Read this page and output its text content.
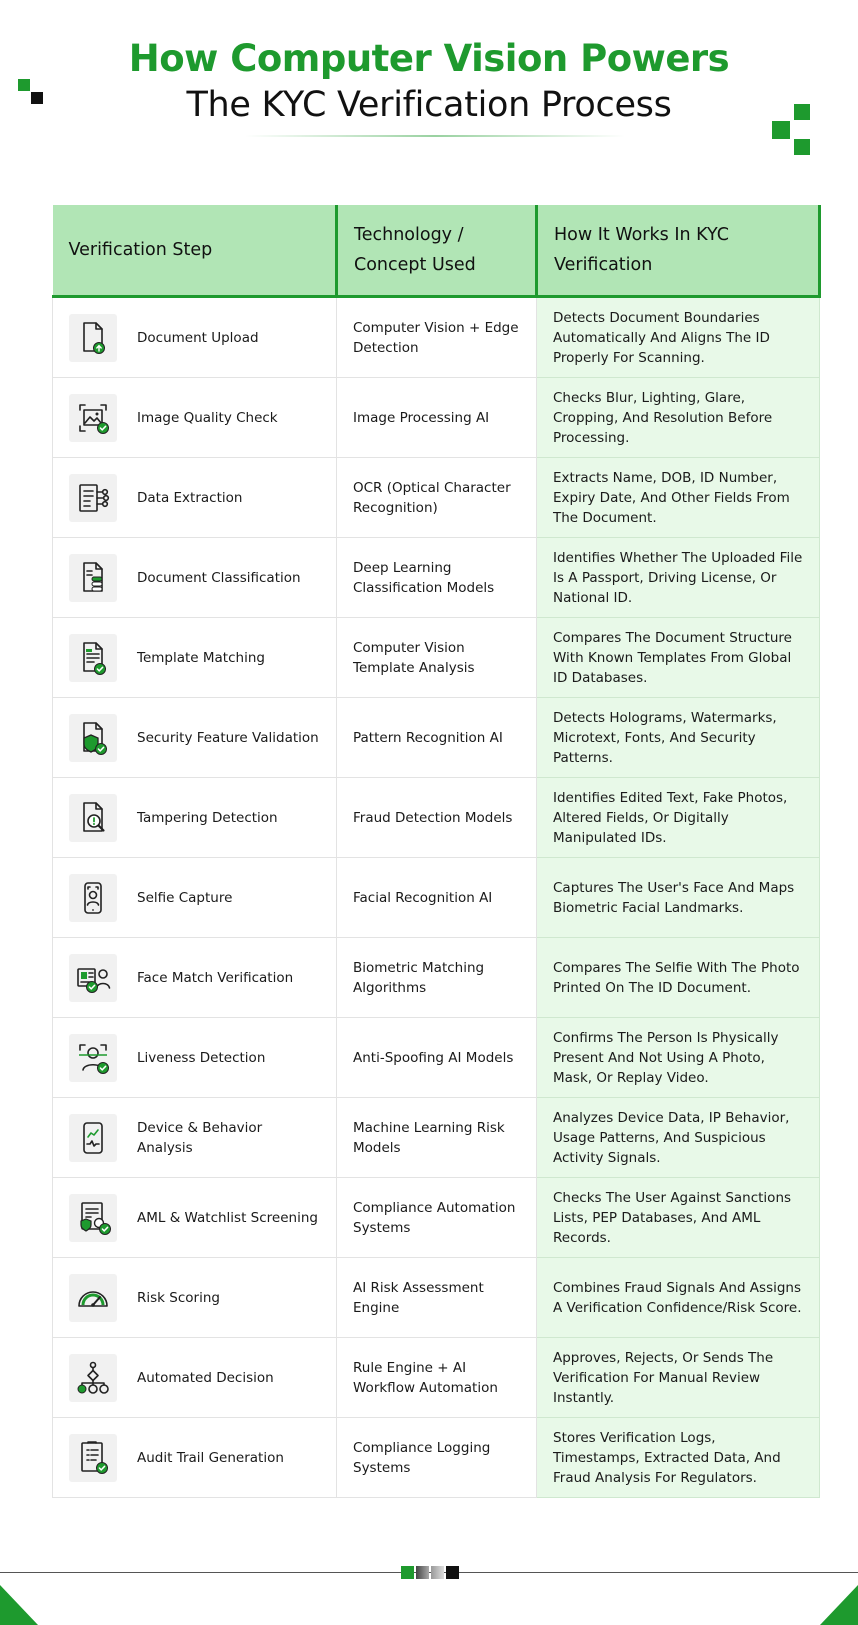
How Computer Vision Powers
The KYC Verification Process
Verification Step	Technology / Concept Used	How It Works In KYC Verification

Document Upload	Computer Vision + Edge Detection	Detects Document Boundaries Automatically And Aligns The ID Properly For Scanning.

Image Quality Check	Image Processing AI	Checks Blur, Lighting, Glare, Cropping, And Resolution Before Processing.

Data Extraction	OCR (Optical Character Recognition)	Extracts Name, DOB, ID Number, Expiry Date, And Other Fields From The Document.

Document Classification	Deep Learning Classification Models	Identifies Whether The Uploaded File Is A Passport, Driving License, Or National ID.

Template Matching	Computer Vision Template Analysis	Compares The Document Structure With Known Templates From Global ID Databases.

Security Feature Validation	Pattern Recognition AI	Detects Holograms, Watermarks, Microtext, Fonts, And Security Patterns.

Tampering Detection	Fraud Detection Models	Identifies Edited Text, Fake Photos, Altered Fields, Or Digitally Manipulated IDs.

Selfie Capture	Facial Recognition AI	Captures The User's Face And Maps Biometric Facial Landmarks.

Face Match Verification	Biometric Matching Algorithms	Compares The Selfie With The Photo Printed On The ID Document.

Liveness Detection	Anti-Spoofing AI Models	Confirms The Person Is Physically Present And Not Using A Photo, Mask, Or Replay Video.

Device & Behavior Analysis	Machine Learning Risk Models	Analyzes Device Data, IP Behavior, Usage Patterns, And Suspicious Activity Signals.

AML & Watchlist Screening	Compliance Automation Systems	Checks The User Against Sanctions Lists, PEP Databases, And AML Records.

Risk Scoring	AI Risk Assessment Engine	Combines Fraud Signals And Assigns A Verification Confidence/Risk Score.

Automated Decision	Rule Engine + AI Workflow Automation	Approves, Rejects, Or Sends The Verification For Manual Review Instantly.

Audit Trail Generation	Compliance Logging Systems	Stores Verification Logs, Timestamps, Extracted Data, And Fraud Analysis For Regulators.
